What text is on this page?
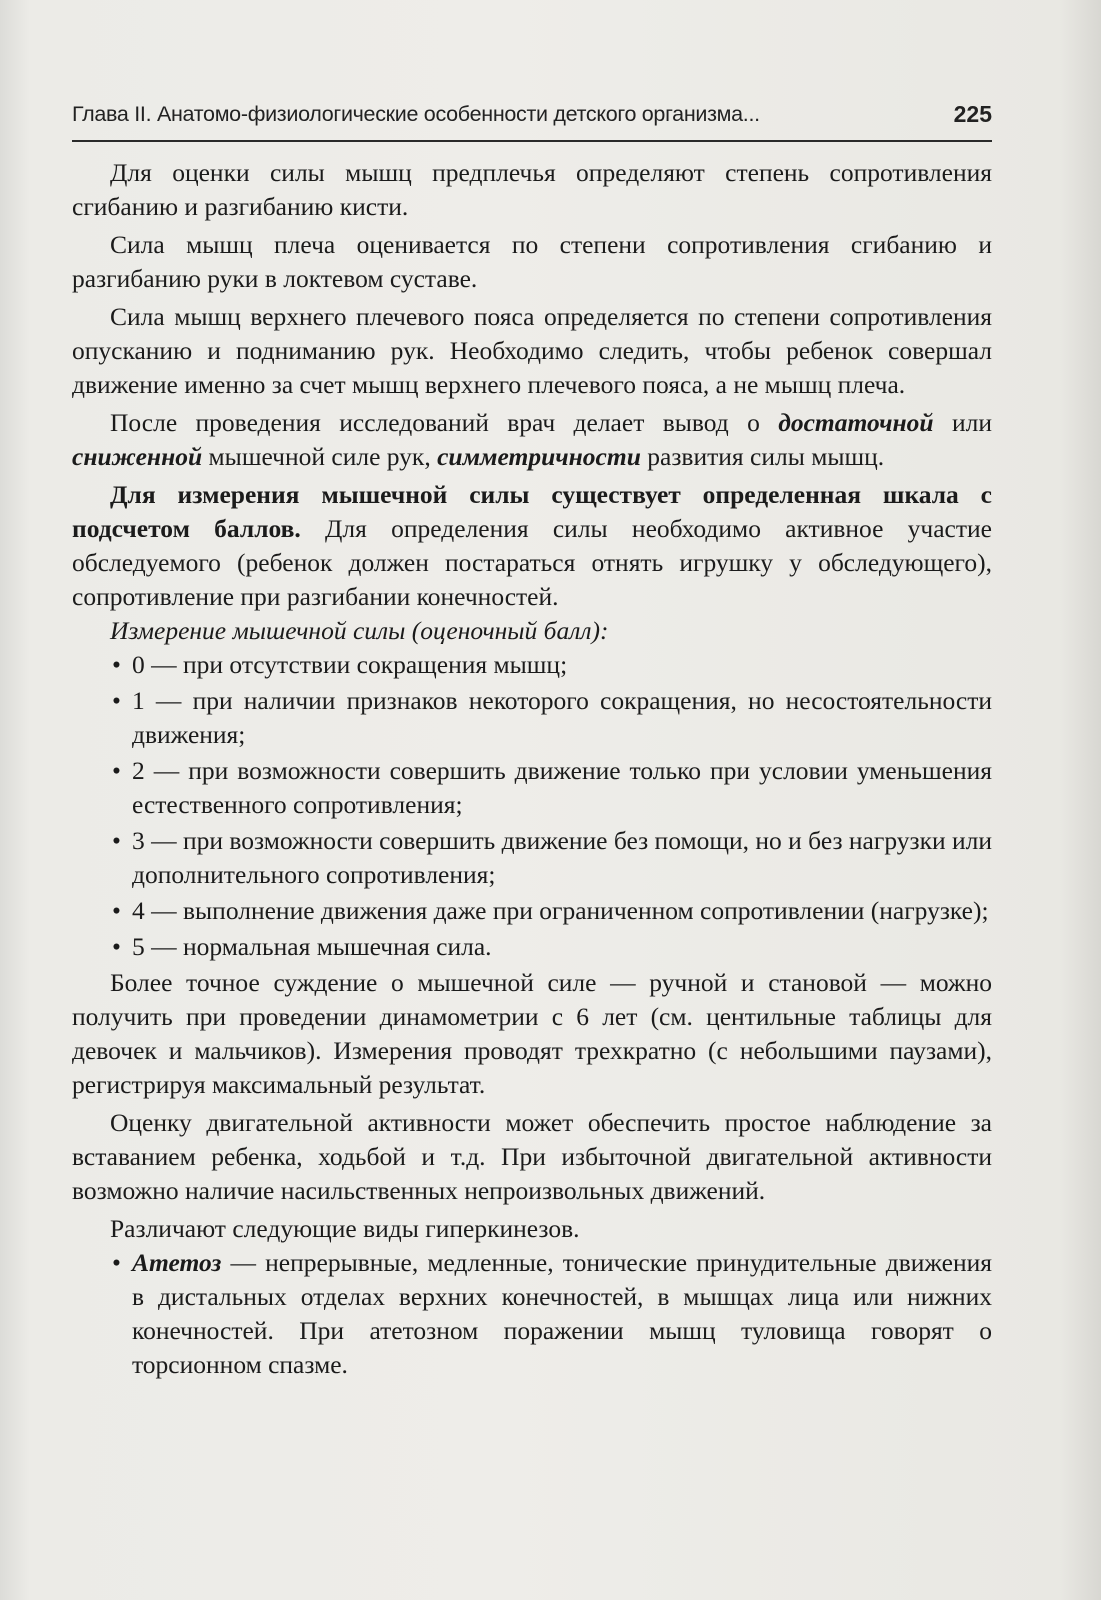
Глава II. Анатомо-физиологические особенности детского организма...	225

Для оценки силы мышц предплечья определяют степень сопротивления сгибанию и разгибанию кисти.

Сила мышц плеча оценивается по степени сопротивления сгибанию и разгибанию руки в локтевом суставе.

Сила мышц верхнего плечевого пояса определяется по степени сопротивления опусканию и подниманию рук. Необходимо следить, чтобы ребенок совершал движение именно за счет мышц верхнего плечевого пояса, а не мышц плеча.

После проведения исследований врач делает вывод о достаточной или сниженной мышечной силе рук, симметричности развития силы мышц.

Для измерения мышечной силы существует определенная шкала с подсчетом баллов. Для определения силы необходимо активное участие обследуемого (ребенок должен постараться отнять игрушку у обследующего), сопротивление при разгибании конечностей.

Измерение мышечной силы (оценочный балл):

• 0 — при отсутствии сокращения мышц;
• 1 — при наличии признаков некоторого сокращения, но несостоятельности движения;
• 2 — при возможности совершить движение только при условии уменьшения естественного сопротивления;
• 3 — при возможности совершить движение без помощи, но и без нагрузки или дополнительного сопротивления;
• 4 — выполнение движения даже при ограниченном сопротивлении (нагрузке);
• 5 — нормальная мышечная сила.

Более точное суждение о мышечной силе — ручной и становой — можно получить при проведении динамометрии с 6 лет (см. центильные таблицы для девочек и мальчиков). Измерения проводят трехкратно (с небольшими паузами), регистрируя максимальный результат.

Оценку двигательной активности может обеспечить простое наблюдение за вставанием ребенка, ходьбой и т.д. При избыточной двигательной активности возможно наличие насильственных непроизвольных движений.

Различают следующие виды гиперкинезов.

• Атетоз — непрерывные, медленные, тонические принудительные движения в дистальных отделах верхних конечностей, в мышцах лица или нижних конечностей. При атетозном поражении мышц туловища говорят о торсионном спазме.
